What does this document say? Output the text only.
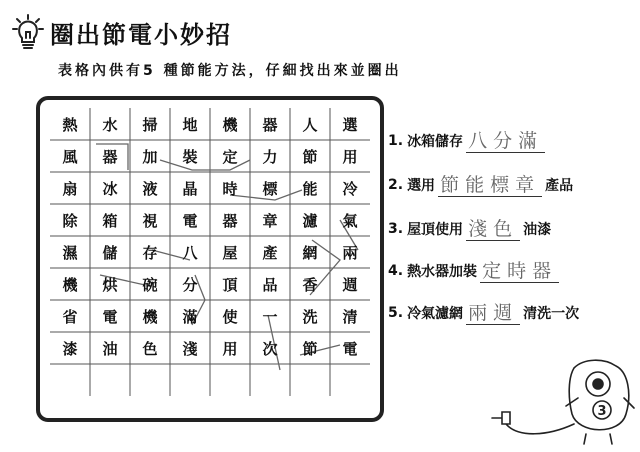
圈出節電小妙招
表格內供有5 種節能方法，仔細找出來並圈出
熱	水	掃	地	機	器	人	選
風	器	加	裝	定	力	節	用
扇	冰	液	晶	時	標	能	冷
除	箱	視	電	器	章	濾	氣
濕	儲	存	八	屋	產	網	兩
機	烘	碗	分	頂	品	香	週
省	電	機	滿	使	一	洗	清
漆	油	色	淺	用	次	節	電
1. 冰箱儲存 八分滿
2. 選用 節能標章 產品
3. 屋頂使用 淺色 油漆
4. 熱水器加裝 定時器
5. 冷氣濾網 兩週 清洗一次
3
